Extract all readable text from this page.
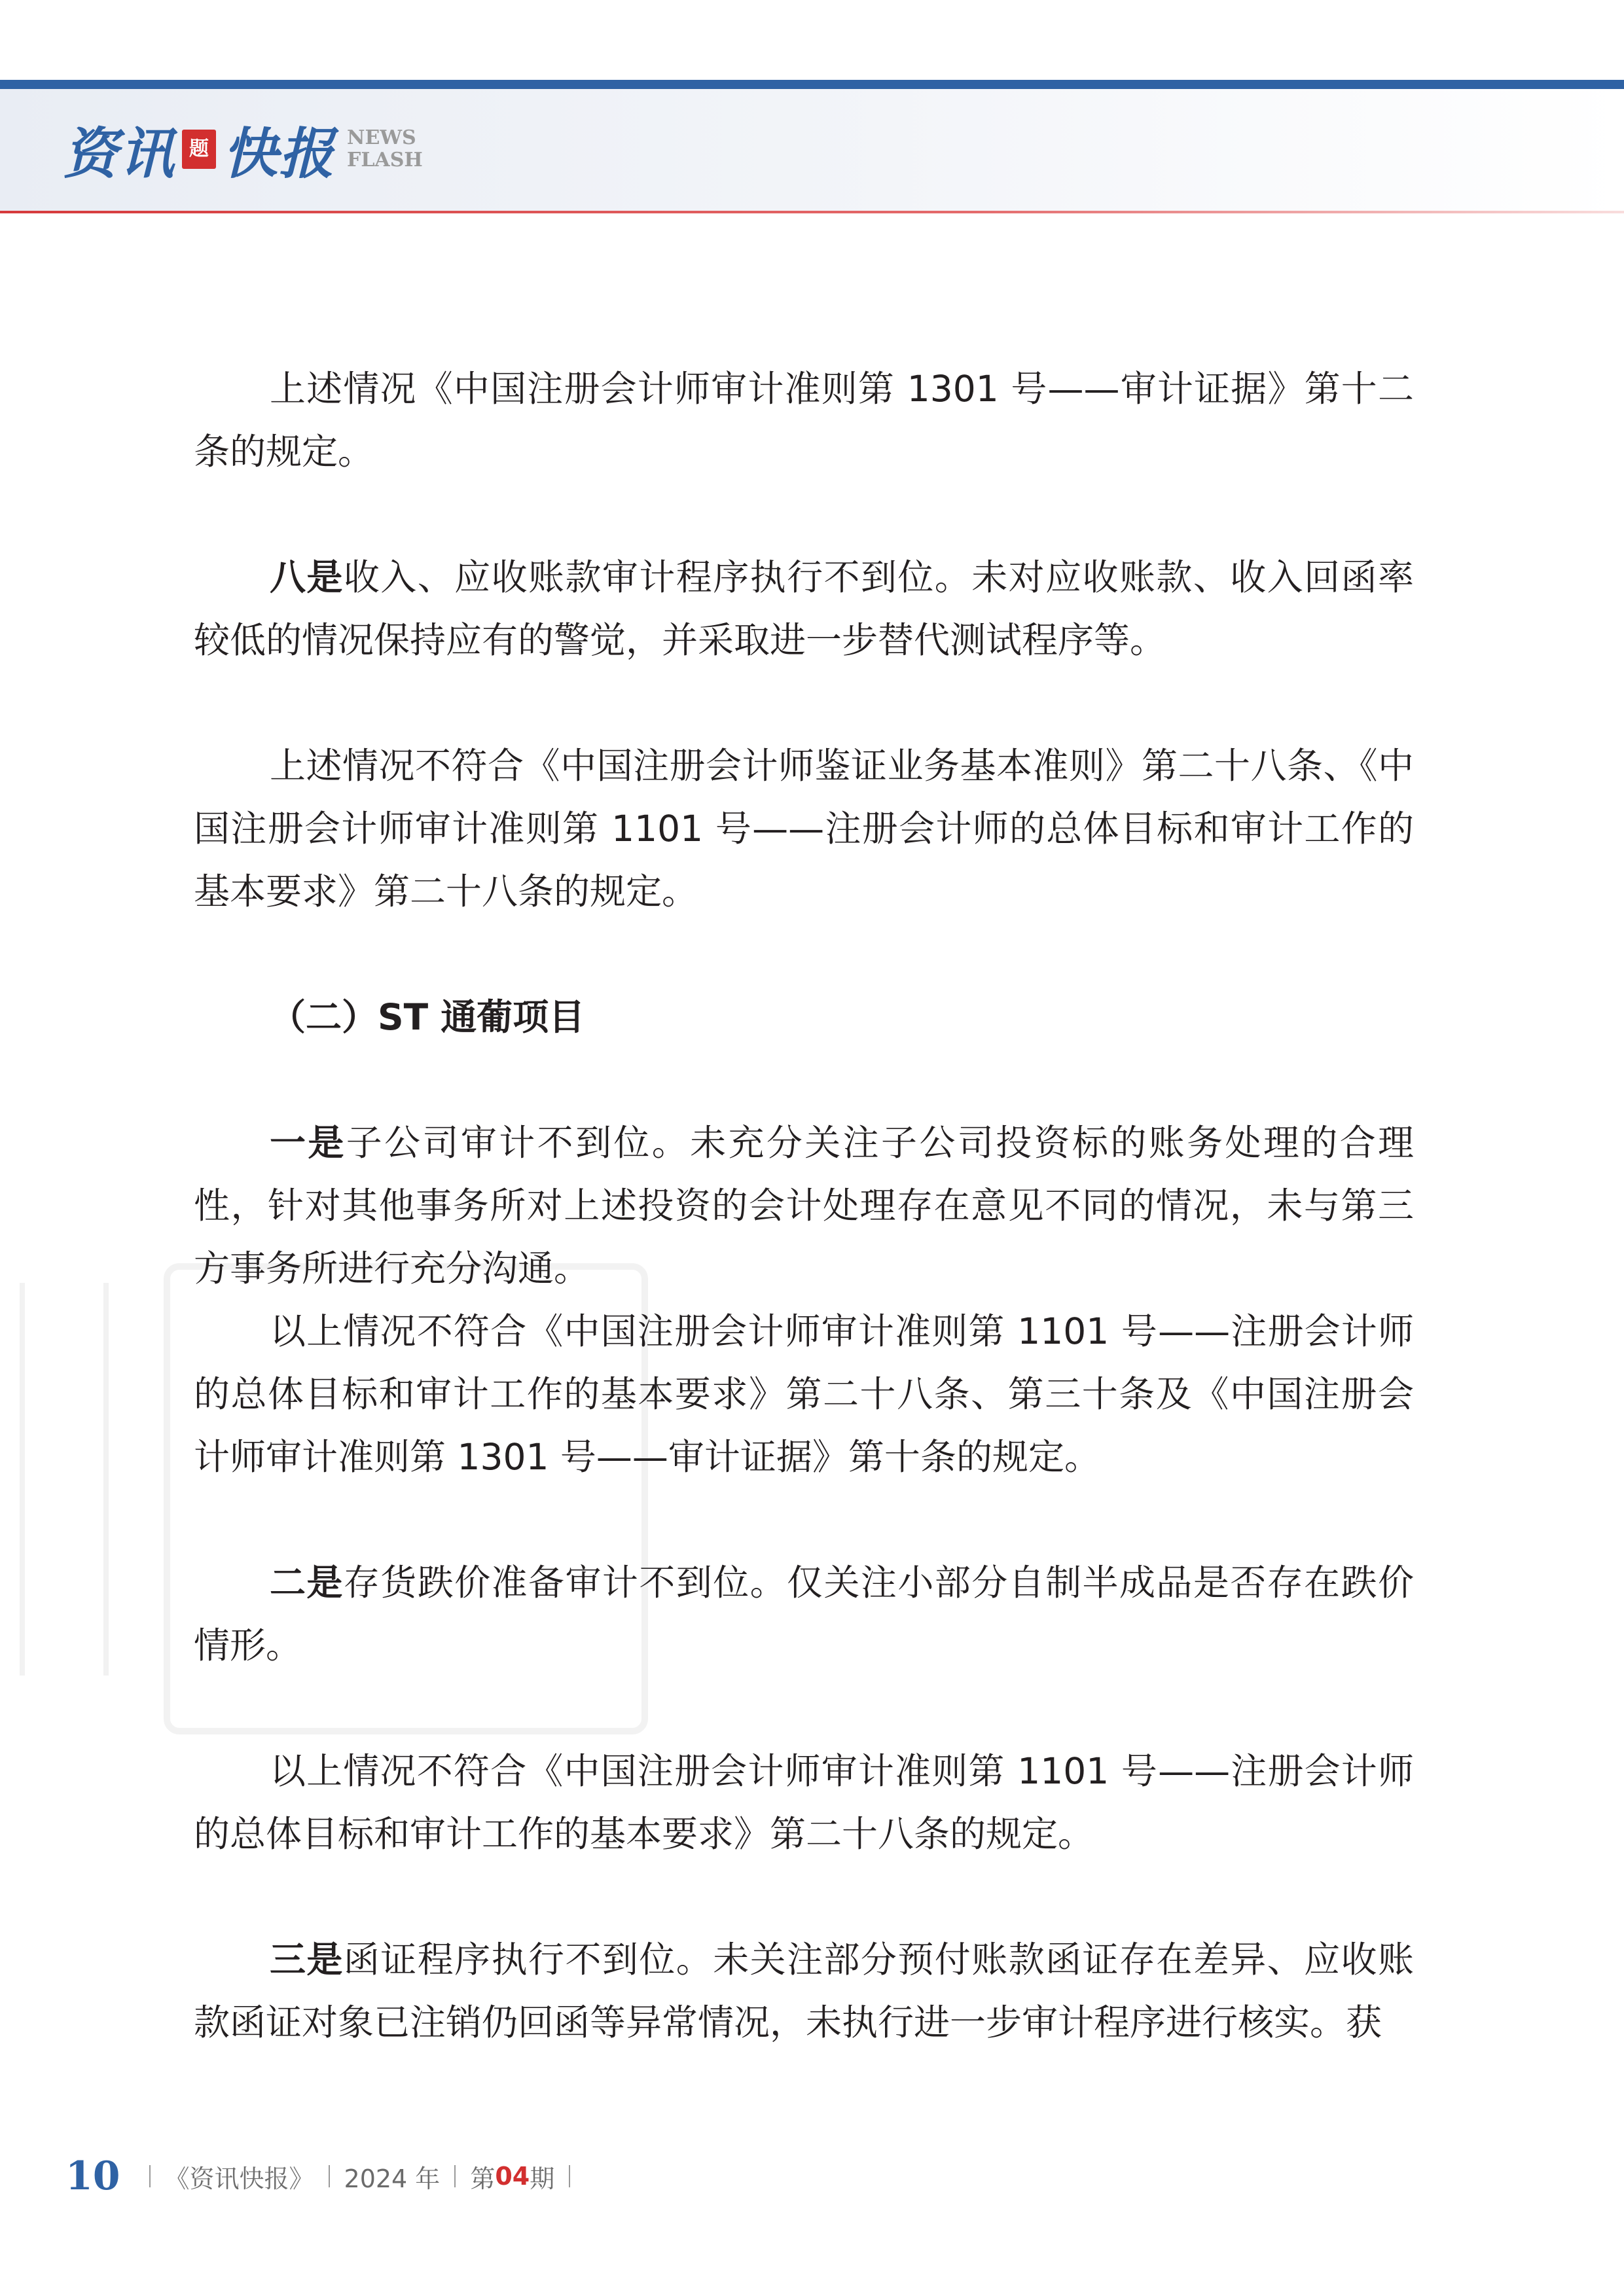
资讯 题 快报 NEWS
FLASH

上述情况《中国注册会计师审计准则第 1301 号——审计证据》第十二条的规定。

八是收入、应收账款审计程序执行不到位。未对应收账款、收入回函率较低的情况保持应有的警觉，并采取进一步替代测试程序等。

上述情况不符合《中国注册会计师鉴证业务基本准则》第二十八条、《中国注册会计师审计准则第 1101 号——注册会计师的总体目标和审计工作的基本要求》第二十八条的规定。

（二）ST 通葡项目

一是子公司审计不到位。未充分关注子公司投资标的账务处理的合理性，针对其他事务所对上述投资的会计处理存在意见不同的情况，未与第三方事务所进行充分沟通。

以上情况不符合《中国注册会计师审计准则第 1101 号——注册会计师的总体目标和审计工作的基本要求》第二十八条、第三十条及《中国注册会计师审计准则第 1301 号——审计证据》第十条的规定。

二是存货跌价准备审计不到位。仅关注小部分自制半成品是否存在跌价情形。

以上情况不符合《中国注册会计师审计准则第 1101 号——注册会计师的总体目标和审计工作的基本要求》第二十八条的规定。

三是函证程序执行不到位。未关注部分预付账款函证存在差异、应收账款函证对象已注销仍回函等异常情况，未执行进一步审计程序进行核实。获

10 《资讯快报》 2024 年 第 04 期
